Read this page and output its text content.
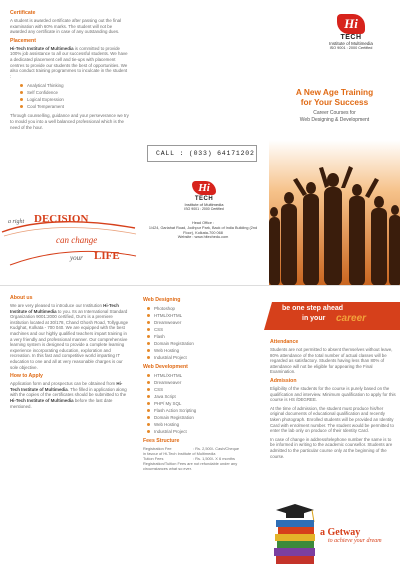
Certificate

A student is awarded certificate after passing out the final examination with 60% marks. The student will not be awarded any certificate in case of any outstanding dues.

Placement

Hi-Tech Institute of Multimedia is committed to provide 100% job assistance to all our successful students. We have a dedicated placement cell and tie-ups with placement centres to provide our students the best of opportunities. We also conduct training programmes to inculcate in the student :

Analytical Thinking
Self Confidence
Logical Expression
Cool Temperament

Through counselling, guidance and your perseverance we try to mould you into a well balanced professional which is the need of the hour.

a right DECISION
can change
your LIFE
CALL : (033) 64171202
Hi
TECH
Institute of Multimedia
ISO 9001 : 2000 Certified
Head Office :
1/424, Gariahat Road, Jodhpur Park, Back of India Building (2nd Floor), Kolkata-700 068
Website : www.hitechedu.com
Hi
TECH
Institute of Multimedia
ISO 9001 : 2000 Certified
A New Age Training
for Your Success
Career Courses for
Web Designing & Development
About us

We are very pleased to introduce our Institution Hi-Tech Institute of Multimedia to you. Its an International Standard Organization 9001:2000 certified, Our's is a premiere institution located at 30/178, Chand Ghosh Road, Tollygunge Kudghat, Kolkata - 700 040. We are equipped with the best machines and our highly qualified teachers impart training in a very friendly and professional manner. Our comprehensive learning system is designed to provide a complete learning experience incorporating education, exploration and recreation. In this fast and competitive world imparting IT education to one and all at very reasonable charges is our sole objective.

How to Apply

Application form and prospectus can be obtained from Hi-Tech Institute of Multimedia. The filled in application along with the copies of the certificates should be submitted to the Hi-Tech Institute of Multimedia before the last date mentioned.

Web Designing
Photoshop
HTML/XHTML
Dreamweaver
CSS
Flash
Domain Registration
Web Hosting
Industrial Project
Web Development
HTML/XHTML
Dreamweaver
CSS
Java Script
PHP/ My SQL
Flash Action Scripting
Domain Registration
Web Hosting
Industrial Project
Fees Structure
Registration Fee	: Rs. 2,500/- Cash/Cheque
in favour of Hi-Tech Institute of Multimedia
Tution Fees	: Rs. 1,500/- X 6 months
Registration/Tuition Fees are not refundable under any circumstances what so ever.
be one step ahead
in your career
Attendance

Students are not permitted to absent themselves without leave, 80% attendance of the total number of actual classes will be regarded as satisfactory. Students having less than 80% of attendance will not be eligible for appearing the Final Examination.

Admission

Eligibility of the students for the course is purely based on the qualification and interview. Minimum qualification to apply for this course is HS /DEGREE.

At the time of admission, the student must produce his/her original documents of educational qualification and recently taken photograph. Enrolled students will be provided an Identity Card with enrolment number. The student would be permitted to enter the lab only on produce of their Identity Card.

In case of change in address/telephone number the same is to be informed in writing to the academic counsellor. Students are admitted to the particular course only at the beginning of the course.

a Getway
to achieve your dream
